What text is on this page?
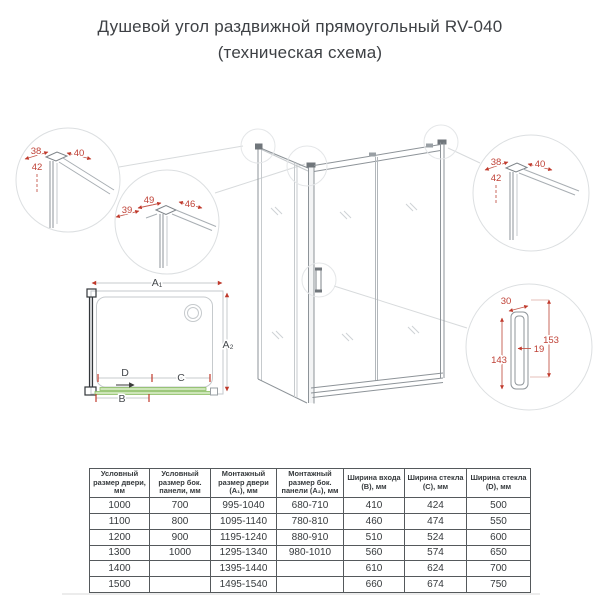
Душевой угол раздвижной прямоугольный RV-040
(техническая схема)
A₁
A₂
D	C
B
38	40
42
49	46
39
38	40
42
30
153
143
19
Условный размер двери, мм	Условный размер бок. панели, мм	Монтажный размер двери (A₁), мм	Монтажный размер бок. панели (A₂), мм	Ширина входа (B), мм	Ширина стекла (C), мм	Ширина стекла (D), мм
1000	700	995-1040	680-710	410	424	500
1100	800	1095-1140	780-810	460	474	550
1200	900	1195-1240	880-910	510	524	600
1300	1000	1295-1340	980-1010	560	574	650
1400		1395-1440		610	624	700
1500		1495-1540		660	674	750
